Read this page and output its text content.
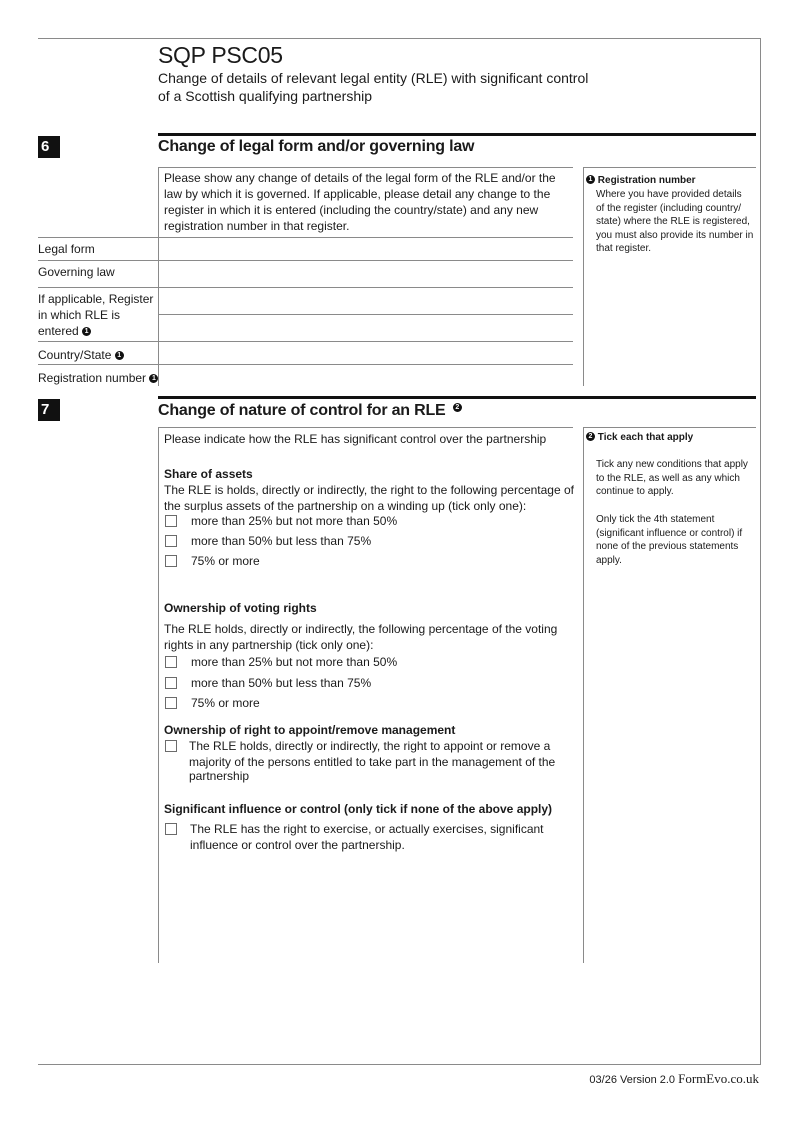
SQP PSC05
Change of details of relevant legal entity (RLE) with significant control
of a Scottish qualifying partnership
6	Change of legal form and/or governing law
Please show any change of details of the legal form of the RLE and/or the law by which it is governed. If applicable, please detail any change to the register in which it is entered (including the country/state) and any new registration number in that register.
Legal form
Governing law
If applicable, Register
in which RLE is
entered 1
Country/State 1
Registration number 1
1 Registration number
Where you have provided details
of the register (including country/
state) where the RLE is registered,
you must also provide its number in
that register.
7	Change of nature of control for an RLE 2
Please indicate how the RLE has significant control over the partnership
Share of assets
The RLE is holds, directly or indirectly, the right to the following percentage of
the surplus assets of the partnership on a winding up (tick only one):
more than 25% but not more than 50%
more than 50% but less than 75%
75% or more
Ownership of voting rights
The RLE holds, directly or indirectly, the following percentage of the voting
rights in any partnership (tick only one):
more than 25% but not more than 50%
more than 50% but less than 75%
75% or more
Ownership of right to appoint/remove management
The RLE holds, directly or indirectly, the right to appoint or remove a
majority of the persons entitled to take part in the management of the
partnership
Significant influence or control (only tick if none of the above apply)
The RLE has the right to exercise, or actually exercises, significant
influence or control over the partnership.
2 Tick each that apply
Tick any new conditions that apply
to the RLE, as well as any which
continue to apply.
Only tick the 4th statement
(significant influence or control) if
none of the previous statements
apply.
03/26 Version 2.0 FormEvo.co.uk
